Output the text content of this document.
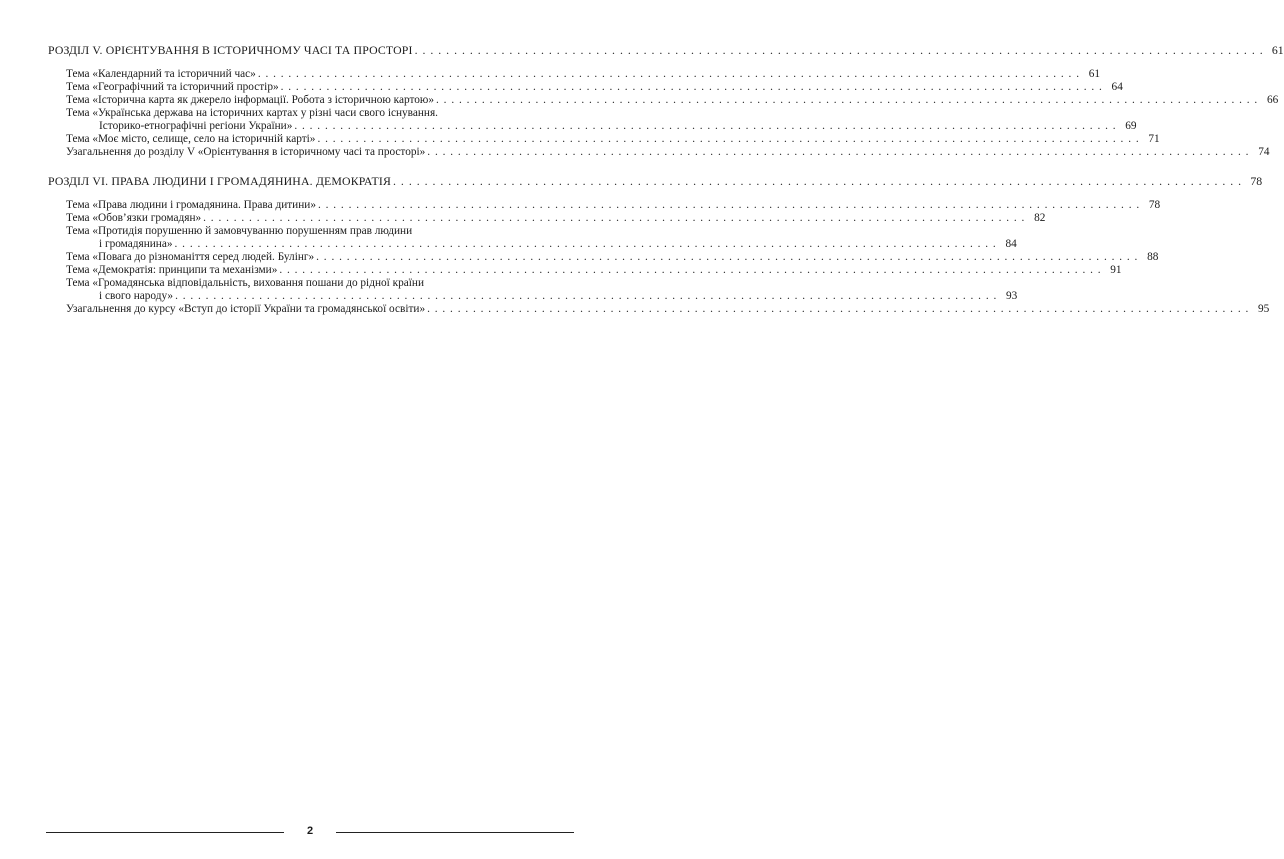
РОЗДІЛ V. ОРІЄНТУВАННЯ В ІСТОРИЧНОМУ ЧАСІ ТА ПРОСТОРІ . . .	61
Тема «Календарний та історичний час» . . .	61
Тема «Географічний та історичний простір» . . .	64
Тема «Історична карта як джерело інформації. Робота з історичною картою» . . .	66
Тема «Українська держава на історичних картах у різні часи свого існування.
Історико-етнографічні регіони України» . . .	69
Тема «Моє місто, селище, село на історичній карті» . . .	71
Узагальнення до розділу V «Орієнтування в історичному часі та просторі» . . .	74
РОЗДІЛ VI. ПРАВА ЛЮДИНИ І ГРОМАДЯНИНА. ДЕМОКРАТІЯ . . .	78
Тема «Права людини і громадянина. Права дитини» . . .	78
Тема «Обов’язки громадян» . . .	82
Тема «Протидія порушенню й замовчуванню порушенням прав людини
і громадянина» . . .	84
Тема «Повага до різноманіття серед людей. Булінг» . . .	88
Тема «Демократія: принципи та механізми» . . .	91
Тема «Громадянська відповідальність, виховання пошани до рідної країни
і свого народу» . . .	93
Узагальнення до курсу «Вступ до історії України та громадянської освіти» . . .	95
2
